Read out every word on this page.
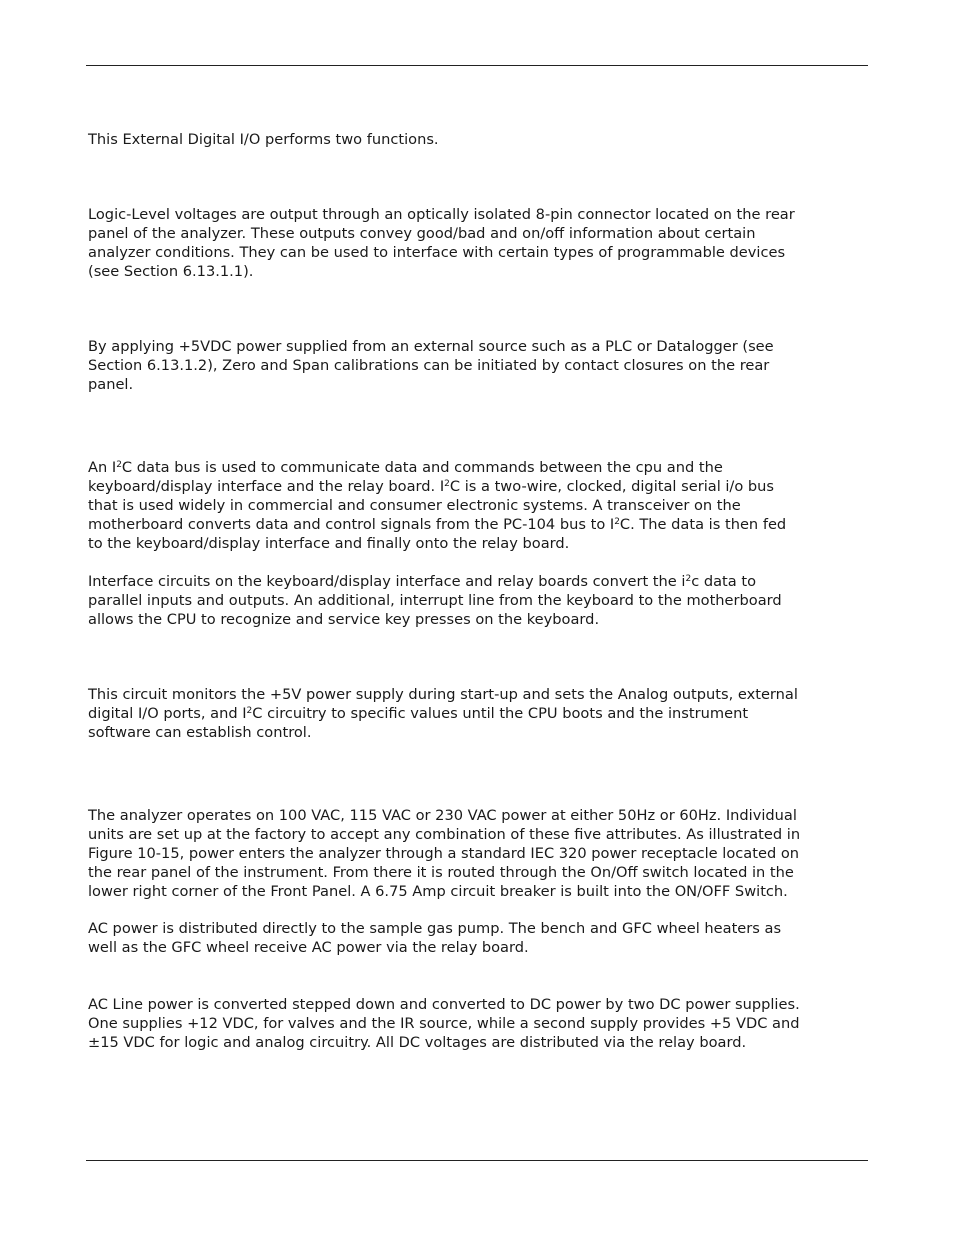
This External Digital I/O performs two functions.

Logic-Level voltages are output through an optically isolated 8-pin connector located on the rear
panel of the analyzer. These outputs convey good/bad and on/off information about certain
analyzer conditions. They can be used to interface with certain types of programmable devices
(see Section 6.13.1.1).

By applying +5VDC power supplied from an external source such as a PLC or Datalogger (see
Section 6.13.1.2), Zero and Span calibrations can be initiated by contact closures on the rear
panel.

An $I^2C$ data bus is used to communicate data and commands between the cpu and the
keyboard/display interface and the relay board. $I^2C$ is a two-wire, clocked, digital serial i/o bus
that is used widely in commercial and consumer electronic systems. A transceiver on the
motherboard converts data and control signals from the PC-104 bus to $I^2C$. The data is then fed
to the keyboard/display interface and finally onto the relay board.

Interface circuits on the keyboard/display interface and relay boards convert the $i^2c$ data to
parallel inputs and outputs. An additional, interrupt line from the keyboard to the motherboard
allows the CPU to recognize and service key presses on the keyboard.

This circuit monitors the +5V power supply during start-up and sets the Analog outputs, external
digital I/O ports, and $I^2C$ circuitry to specific values until the CPU boots and the instrument
software can establish control.

The analyzer operates on 100 VAC, 115 VAC or 230 VAC power at either 50Hz or 60Hz. Individual
units are set up at the factory to accept any combination of these five attributes. As illustrated in
Figure 10-15, power enters the analyzer through a standard IEC 320 power receptacle located on
the rear panel of the instrument. From there it is routed through the On/Off switch located in the
lower right corner of the Front Panel. A 6.75 Amp circuit breaker is built into the ON/OFF Switch.

AC power is distributed directly to the sample gas pump. The bench and GFC wheel heaters as
well as the GFC wheel receive AC power via the relay board.

AC Line power is converted stepped down and converted to DC power by two DC power supplies.
One supplies +12 VDC, for valves and the IR source, while a second supply provides +5 VDC and
±15 VDC for logic and analog circuitry. All DC voltages are distributed via the relay board.
